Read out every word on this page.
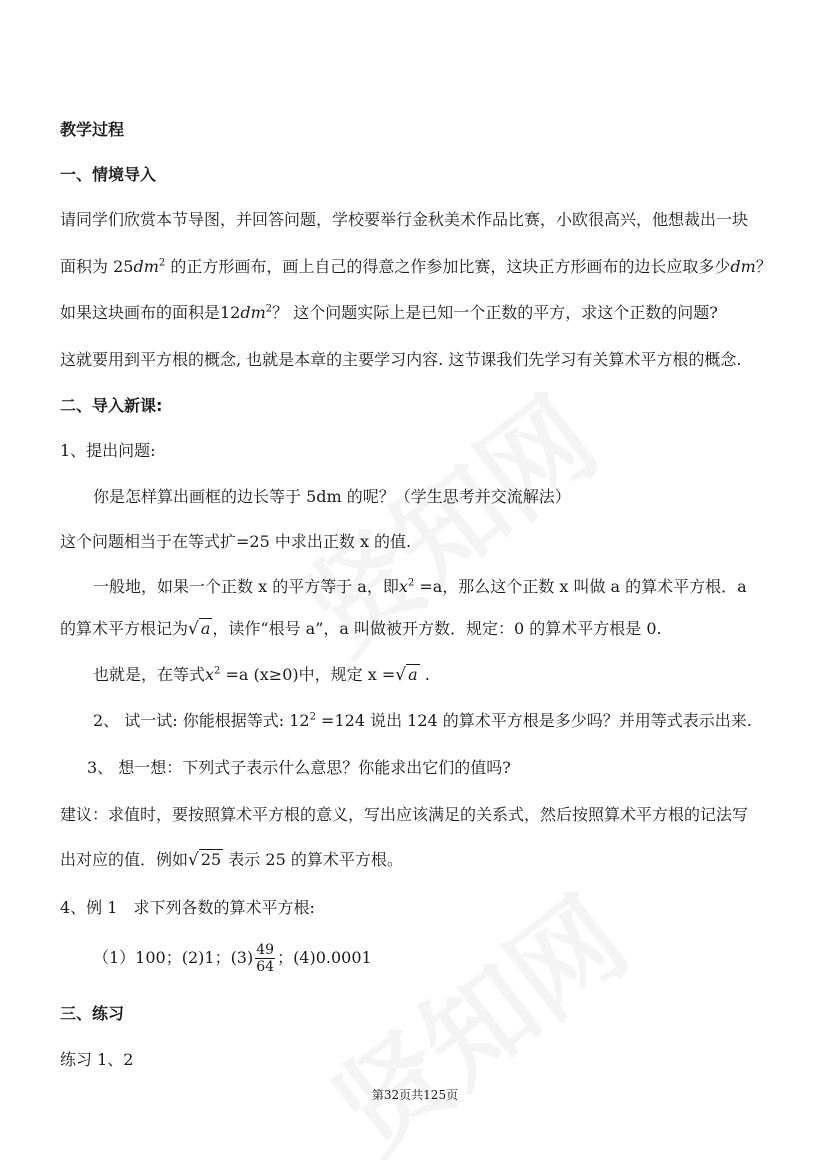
教学过程
一、情境导入
请同学们欣赏本节导图，并回答问题，学校要举行金秋美术作品比赛，小欧很高兴，他想裁出一块
面积为 $25dm^2$ 的正方形画布，画上自己的得意之作参加比赛，这块正方形画布的边长应取多少dm？
如果这块画布的面积是$12dm^2$？ 这个问题实际上是已知一个正数的平方，求这个正数的问题?
这就要用到平方根的概念, 也就是本章的主要学习内容. 这节课我们先学习有关算术平方根的概念.
二、导入新课:
1、提出问题:
你是怎样算出画框的边长等于 5dm 的呢？（学生思考并交流解法）
这个问题相当于在等式扩=25 中求出正数 x 的值.
一般地，如果一个正数 x 的平方等于 a，即$x^2 =a$，那么这个正数 x 叫做 a 的算术平方根．a
的算术平方根记为√ a ，读作“根号 a”，a 叫做被开方数．规定：0 的算术平方根是 0.
也就是，在等式$x^2 =a$ (x≥0)中，规定 x =√ a .
2、 试一试: 你能根据等式: $12^2 =124$ 说出 124 的算术平方根是多少吗？并用等式表示出来.
3、 想一想：下列式子表示什么意思？你能求出它们的值吗?
建议：求值时，要按照算术平方根的意义，写出应该满足的关系式，然后按照算术平方根的记法写
出对应的值．例如√ 25 表示 25 的算术平方根。
4、例 1　求下列各数的算术平方根:
（1）100；(2)1；$(3) \frac{49}{64}$ ；(4)0.0001
三、练习
练习 1、2
第32页共125页
